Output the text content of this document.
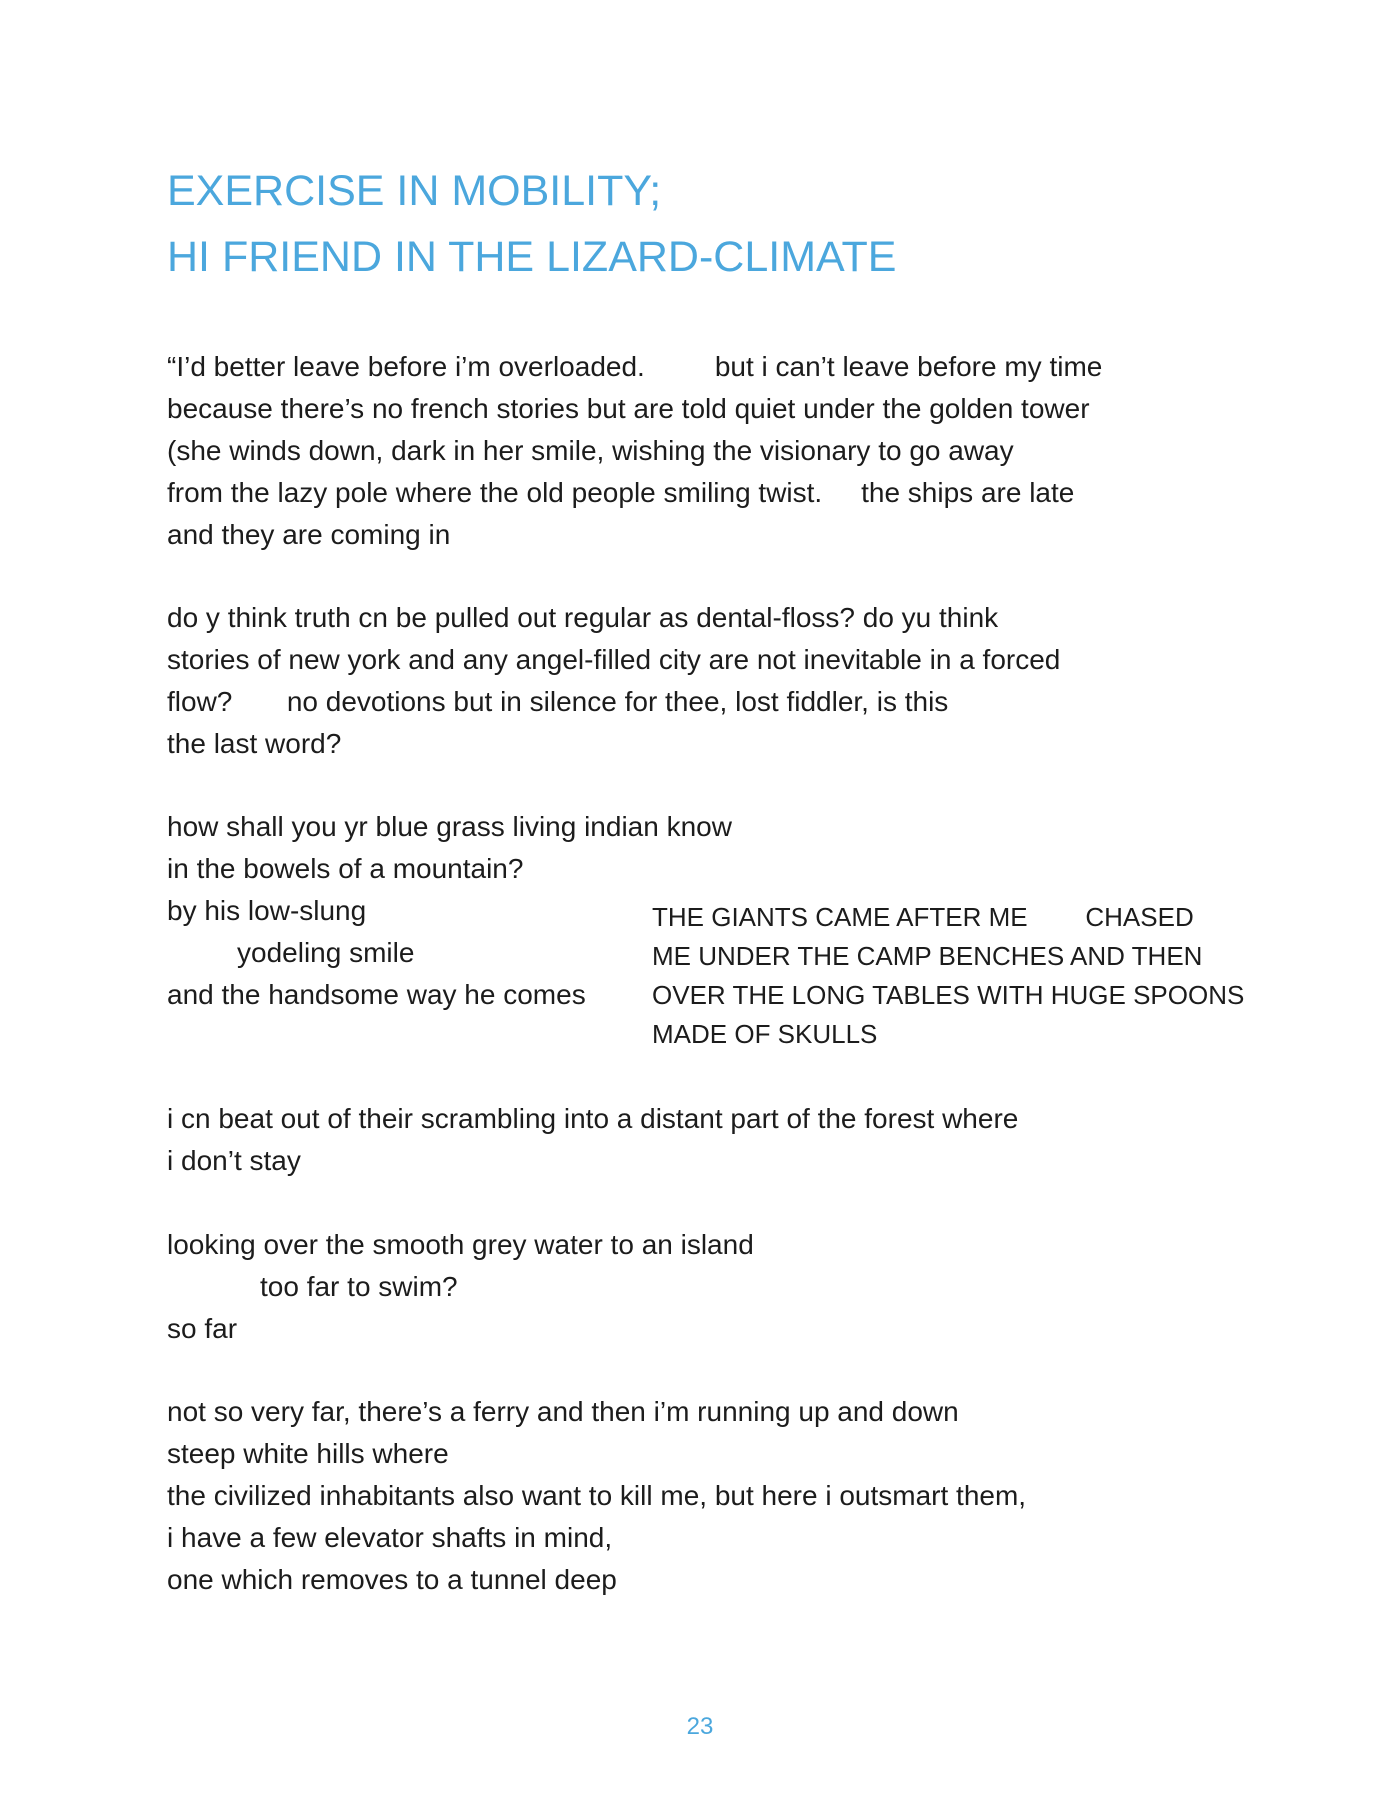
EXERCISE IN MOBILITY;
HI FRIEND IN THE LIZARD-CLIMATE
“I’d better leave before i’m overloaded.         but i can’t leave before my time
because there’s no french stories but are told quiet under the golden tower
(she winds down, dark in her smile, wishing the visionary to go away
from the lazy pole where the old people smiling twist.     the ships are late
and they are coming in
do y think truth cn be pulled out regular as dental-floss? do yu think
stories of new york and any angel-filled city are not inevitable in a forced
flow?       no devotions but in silence for thee, lost fiddler, is this
the last word?
how shall you yr blue grass living indian know
in the bowels of a mountain?
by his low-slung
yodeling smile
and the handsome way he comes
THE GIANTS CAME AFTER ME        CHASED
ME UNDER THE CAMP BENCHES AND THEN
OVER THE LONG TABLES WITH HUGE SPOONS
MADE OF SKULLS
i cn beat out of their scrambling into a distant part of the forest where
i don’t stay
looking over the smooth grey water to an island
too far to swim?
so far
not so very far, there’s a ferry and then i’m running up and down
steep white hills where
the civilized inhabitants also want to kill me, but here i outsmart them,
i have a few elevator shafts in mind,
one which removes to a tunnel deep
23
